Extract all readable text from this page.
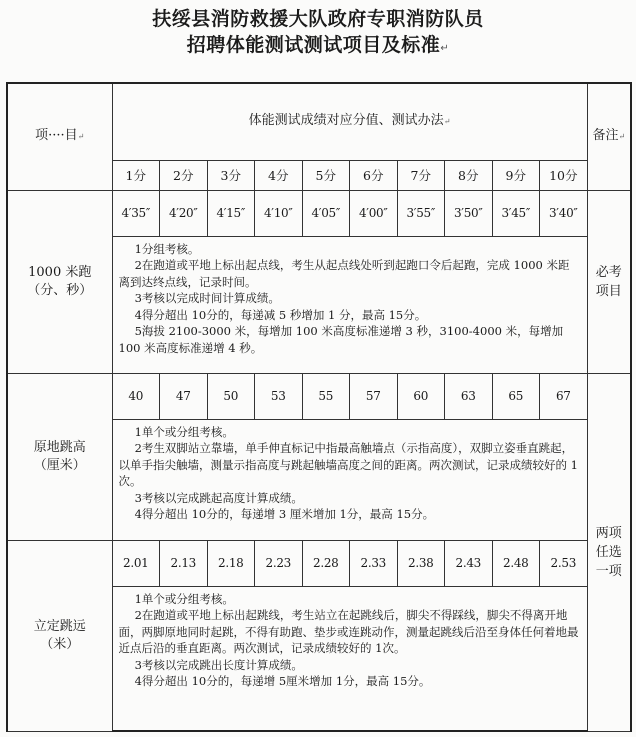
扶绥县消防救援大队政府专职消防队员
招聘体能测试测试项目及标准↵
项····目↵	体能测试成绩对应分值、测试办法↵										备注↵
	1分	2分	3分	4分	5分	6分	7分	8分	9分	10分	

1000 米跑
（分、秒）	4′35″	4′20″	4′15″	4′10″	4′05″	4′00″	3′55″	3′50″	3′45″	3′40″	必考项目

	1分组考核。

2在跑道或平地上标出起点线，考生从起点线处听到起跑口令后起跑，完成 1000 米距离到达终点线，记录时间。

3考核以完成时间计算成绩。

4得分超出 10分的，每递减 5 秒增加 1 分，最高 15分。

5海拔 2100-3000 米，每增加 100 米高度标准递增 3 秒，3100-4000 米，每增加 100 米高度标准递增 4 秒。										

原地跳高
（厘米）	40	47	50	53	55	57	60	63	65	67	两项任选一项

	1单个或分组考核。

2考生双脚站立靠墙，单手伸直标记中指最高触墙点（示指高度），双脚立姿垂直跳起，以单手指尖触墙，测量示指高度与跳起触墙高度之间的距离。两次测试，记录成绩较好的 1次。

3考核以完成跳起高度计算成绩。

4得分超出 10分的，每递增 3 厘米增加 1分，最高 15分。										

立定跳远
（米）	2.01	2.13	2.18	2.23	2.28	2.33	2.38	2.43	2.48	2.53	

	1单个或分组考核。

2在跑道或平地上标出起跳线，考生站立在起跳线后，脚尖不得踩线，脚尖不得离开地面，两脚原地同时起跳，不得有助跑、垫步或连跳动作，测量起跳线后沿至身体任何着地最近点后沿的垂直距离。两次测试，记录成绩较好的 1次。

3考核以完成跳出长度计算成绩。

4得分超出 10分的，每递增 5厘米增加 1分，最高 15分。										
